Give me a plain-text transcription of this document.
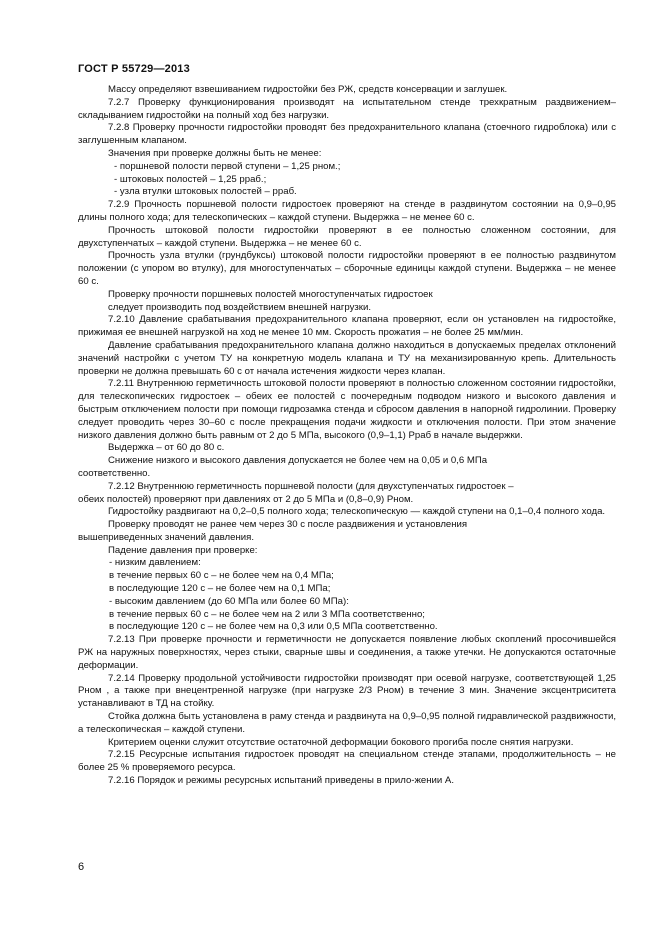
ГОСТ Р 55729—2013

Массу определяют взвешиванием гидростойки без РЖ, средств консервации и заглушек.

7.2.7 Проверку функционирования производят на испытательном стенде трехкратным раздвижением–складыванием гидростойки на полный ход без нагрузки.

7.2.8 Проверку прочности гидростойки проводят без предохранительного клапана (стоечного гидроблока) или с заглушенным клапаном.

Значения при проверке должны быть не менее:

- поршневой полости первой ступени – 1,25 pном.;

- штоковых полостей – 1,25 pраб.;

- узла втулки штоковых полостей – pраб.

7.2.9 Прочность поршневой полости гидростоек проверяют на стенде в раздвинутом состоянии на 0,9–0,95 длины полного хода; для телескопических – каждой ступени. Выдержка – не менее 60 с.

Прочность штоковой полости гидростойки проверяют в ее полностью сложенном состоянии, для двухступенчатых – каждой ступени. Выдержка – не менее 60 с.

Прочность узла втулки (грундбуксы) штоковой полости гидростойки проверяют в ее полностью раздвинутом положении (с упором во втулку), для многоступенчатых – сборочные единицы каждой ступени. Выдержка – не менее 60 с.

Проверку прочности поршневых полостей многоступенчатых гидростоек

следует производить под воздействием внешней нагрузки.

7.2.10 Давление срабатывания предохранительного клапана проверяют, если он установлен на гидростойке, прижимая ее внешней нагрузкой на ход не менее 10 мм. Скорость прожатия – не более 25 мм/мин.

Давление срабатывания предохранительного клапана должно находиться в допускаемых пределах отклонений значений настройки с учетом ТУ на конкретную модель клапана и ТУ на механизированную крепь. Длительность проверки не должна превышать 60 с от начала истечения жидкости через клапан.

7.2.11 Внутреннюю герметичность штоковой полости проверяют в полностью сложенном состоянии гидростойки, для телескопических гидростоек – обеих ее полостей с поочередным подводом низкого и высокого давления и быстрым отключением полости при помощи гидрозамка стенда и сбросом давления в напорной гидролинии. Проверку следует проводить через 30–60 с после прекращения подачи жидкости и отключения полости. При этом значение низкого давления должно быть равным от 2 до 5 МПа, высокого (0,9–1,1) Pраб в начале выдержки.

Выдержка – от 60 до 80 с.

Снижение низкого и высокого давления допускается не более чем на 0,05 и 0,6 МПа

соответственно.

7.2.12 Внутреннюю герметичность поршневой полости (для двухступенчатых гидростоек –

обеих полостей) проверяют при давлениях от 2 до 5 МПа и (0,8–0,9) Pном.

Гидростойку раздвигают на 0,2–0,5 полного хода; телескопическую — каждой ступени на 0,1–0,4 полного хода.

Проверку проводят не ранее чем через 30 с после раздвижения и установления

вышеприведенных значений давления.

Падение давления при проверке:

- низким давлением:

в течение первых 60 с – не более чем на 0,4 МПа;

в последующие 120 с – не более чем на 0,1 МПа;

- высоким давлением (до 60 МПа или более 60 МПа):

в течение первых 60 с – не более чем на 2 или 3 МПа соответственно;

в последующие 120 с – не более чем на 0,3 или 0,5 МПа соответственно.

7.2.13 При проверке прочности и герметичности не допускается появление любых скоплений просочившейся РЖ на наружных поверхностях, через стыки, сварные швы и соединения, а также утечки. Не допускаются остаточные деформации.

7.2.14 Проверку продольной устойчивости гидростойки производят при осевой нагрузке, соответствующей 1,25 Pном , а также при внецентренной нагрузке (при нагрузке 2/3 Pном) в течение 3 мин. Значение эксцентриситета устанавливают в ТД на стойку.

Стойка должна быть установлена в раму стенда и раздвинута на 0,9–0,95 полной гидравлической раздвижности, а телескопическая – каждой ступени.

Критерием оценки служит отсутствие остаточной деформации бокового прогиба после снятия нагрузки.

7.2.15 Ресурсные испытания гидростоек проводят на специальном стенде этапами, продолжительность – не более 25 % проверяемого ресурса.

7.2.16 Порядок и режимы ресурсных испытаний приведены в прило-жении А.

6
